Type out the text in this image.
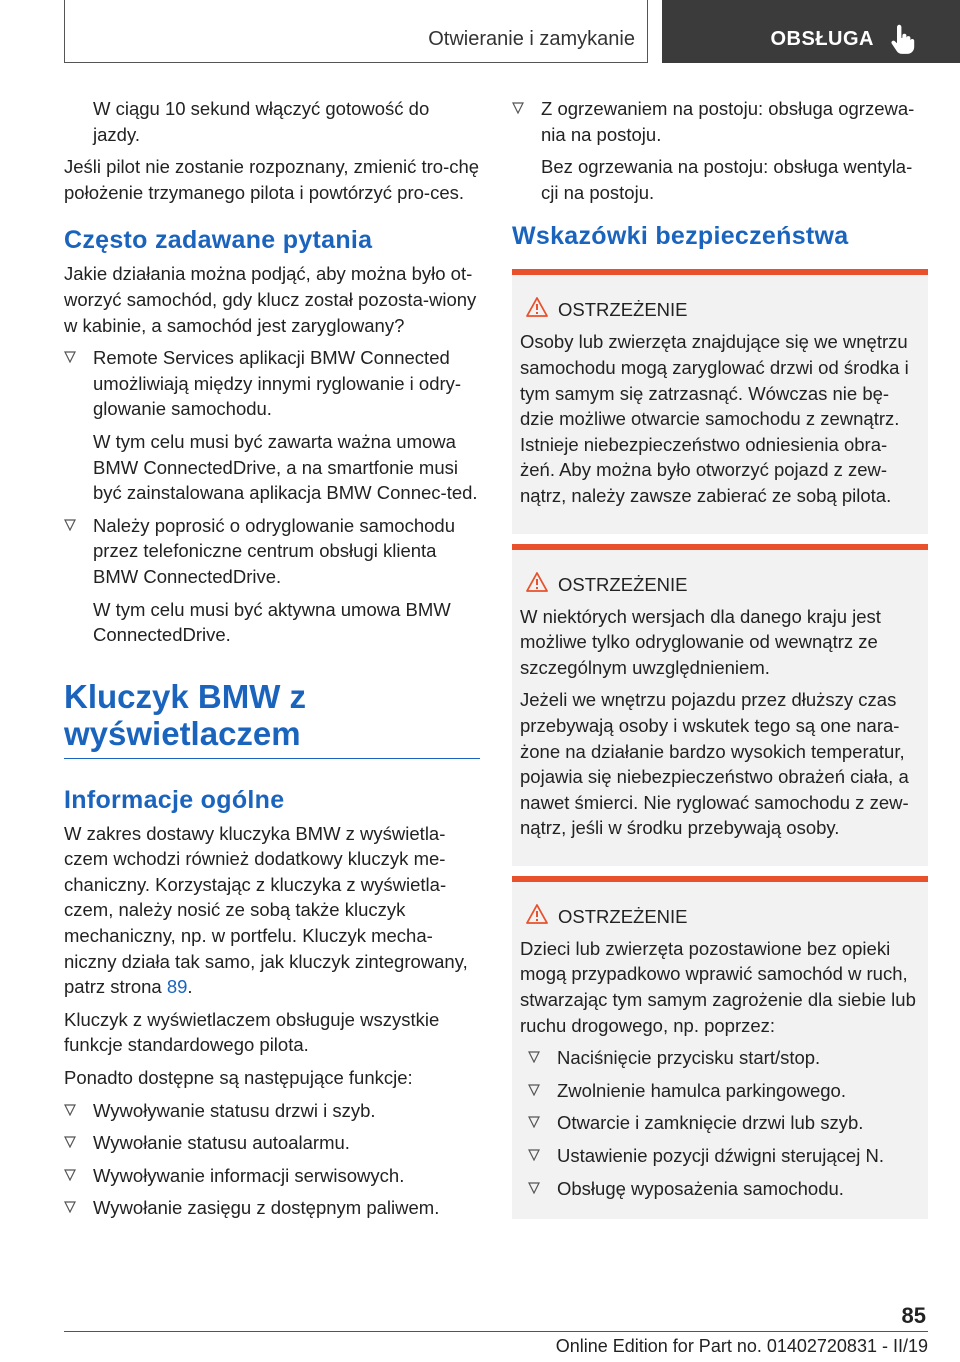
Otwieranie i zamykanie	OBSŁUGA

W ciągu 10 sekund włączyć gotowość do jazdy.

Jeśli pilot nie zostanie rozpoznany, zmienić tro-chę położenie trzymanego pilota i powtórzyć pro-ces.

Często zadawane pytania

Jakie działania można podjąć, aby można było ot-worzyć samochód, gdy klucz został pozosta-wiony w kabinie, a samochód jest zaryglowany?

Remote Services aplikacji BMW Connected umożliwiają między innymi ryglowanie i odry-glowanie samochodu.
W tym celu musi być zawarta ważna umowa BMW ConnectedDrive, a na smartfonie musi być zainstalowana aplikacja BMW Connec-ted.
Należy poprosić o odryglowanie samochodu przez telefoniczne centrum obsługi klienta BMW ConnectedDrive.
W tym celu musi być aktywna umowa BMW ConnectedDrive.
Kluczyk BMW z wyświetlaczem
Informacje ogólne

W zakres dostawy kluczyka BMW z wyświetla-czem wchodzi również dodatkowy kluczyk me-chaniczny. Korzystając z kluczyka z wyświetla-czem, należy nosić ze sobą także kluczyk mechaniczny, np. w portfelu. Kluczyk mecha-niczny działa tak samo, jak kluczyk zintegrowany, patrz strona 89.

Kluczyk z wyświetlaczem obsługuje wszystkie funkcje standardowego pilota.

Ponadto dostępne są następujące funkcje:

Wywoływanie statusu drzwi i szyb.
Wywołanie statusu autoalarmu.
Wywoływanie informacji serwisowych.
Wywołanie zasięgu z dostępnym paliwem.
Z ogrzewaniem na postoju: obsługa ogrzewa-nia na postoju.
Bez ogrzewania na postoju: obsługa wentyla-cji na postoju.
Wskazówki bezpieczeństwa
OSTRZEŻENIE

Osoby lub zwierzęta znajdujące się we wnętrzu samochodu mogą zaryglować drzwi od środka i tym samym się zatrzasnąć. Wówczas nie bę-dzie możliwe otwarcie samochodu z zewnątrz. Istnieje niebezpieczeństwo odniesienia obra-żeń. Aby można było otworzyć pojazd z zew-nątrz, należy zawsze zabierać ze sobą pilota.

OSTRZEŻENIE

W niektórych wersjach dla danego kraju jest możliwe tylko odryglowanie od wewnątrz ze szczególnym uwzględnieniem.

Jeżeli we wnętrzu pojazdu przez dłuższy czas przebywają osoby i wskutek tego są one nara-żone na działanie bardzo wysokich temperatur, pojawia się niebezpieczeństwo obrażeń ciała, a nawet śmierci. Nie ryglować samochodu z zew-nątrz, jeśli w środku przebywają osoby.

OSTRZEŻENIE

Dzieci lub zwierzęta pozostawione bez opieki mogą przypadkowo wprawić samochód w ruch, stwarzając tym samym zagrożenie dla siebie lub ruchu drogowego, np. poprzez:

Naciśnięcie przycisku start/stop.
Zwolnienie hamulca parkingowego.
Otwarcie i zamknięcie drzwi lub szyb.
Ustawienie pozycji dźwigni sterującej N.
Obsługę wyposażenia samochodu.
85
Online Edition for Part no. 01402720831 - II/19
